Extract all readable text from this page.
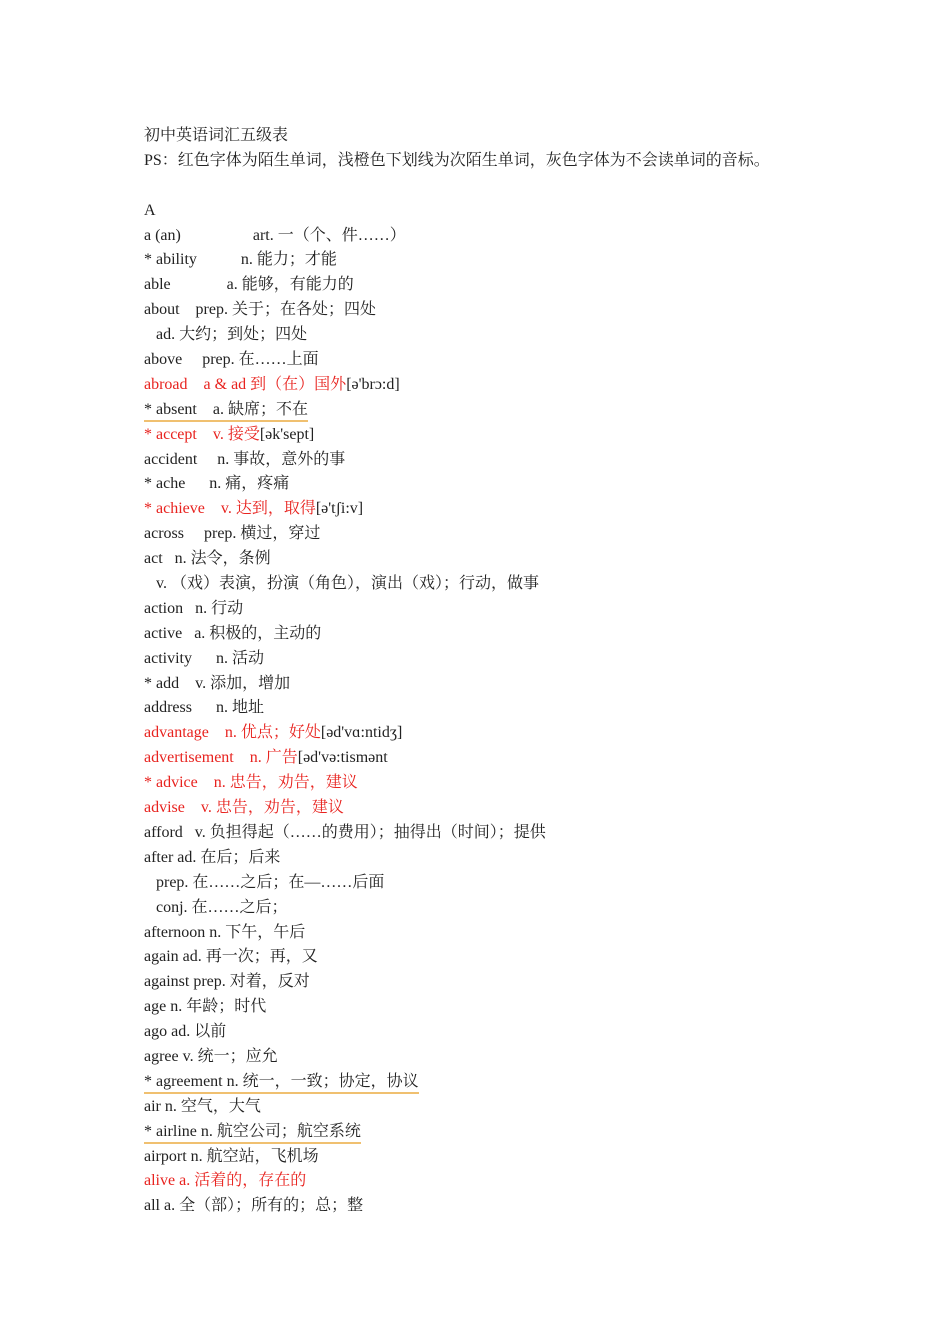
初中英语词汇五级表
PS：红色字体为陌生单词，浅橙色下划线为次陌生单词，灰色字体为不会读单词的音标。
A
a (an)                  art. 一（个、件……）
* ability           n. 能力；才能
able              a. 能够，有能力的
about    prep. 关于；在各处；四处
ad. 大约；到处；四处
above     prep. 在……上面
abroad    a & ad 到（在）国外[ə'brɔ:d]
* absent    a. 缺席；不在
* accept    v. 接受[ək'sept]
accident     n. 事故，意外的事
* ache      n. 痛，疼痛
* achieve    v. 达到，取得[ə'tʃi:v]
across     prep. 横过，穿过
act   n. 法令，条例
v. （戏）表演，扮演（角色），演出（戏）；行动，做事
action   n. 行动
active   a. 积极的，主动的
activity      n. 活动
* add    v. 添加，增加
address      n. 地址
advantage    n. 优点；好处[əd'vɑ:ntidʒ]
advertisement    n. 广告[əd'və:tismənt
* advice    n. 忠告，劝告，建议
advise    v. 忠告，劝告，建议
afford   v. 负担得起（……的费用）；抽得出（时间）；提供
after ad. 在后；后来
prep. 在……之后；在—……后面
conj. 在……之后；
afternoon n. 下午，午后
again ad. 再一次；再，又
against prep. 对着，反对
age n. 年龄；时代
ago ad. 以前
agree v. 统一；应允
* agreement n. 统一，一致；协定，协议
air n. 空气，大气
* airline n. 航空公司；航空系统
airport n. 航空站，飞机场
alive a. 活着的，存在的
all a. 全（部）；所有的；总；整
